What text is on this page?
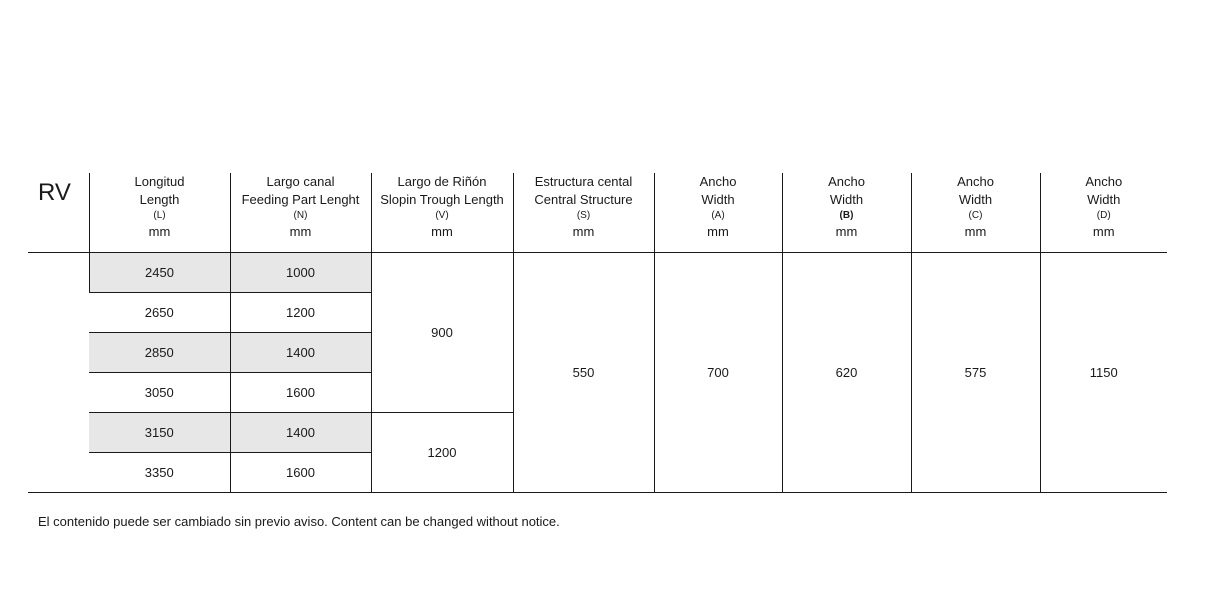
RV	Longitud
Length
(L)
mm	Largo canal
Feeding Part Lenght
(N)
mm	Largo de Riñón
Slopin Trough Length
(V)
mm	Estructura cental
Central Structure
(S)
mm	Ancho
Width
(A)
mm	Ancho
Width
(B)
mm	Ancho
Width
(C)
mm	Ancho
Width
(D)
mm

	2450	1000	900	550	700	620	575	1150
	2650	1200						
	2850	1400						
	3050	1600						
	3150	1400	1200					
	3350	1600						
El contenido puede ser cambiado sin previo aviso. Content can be changed without notice.
